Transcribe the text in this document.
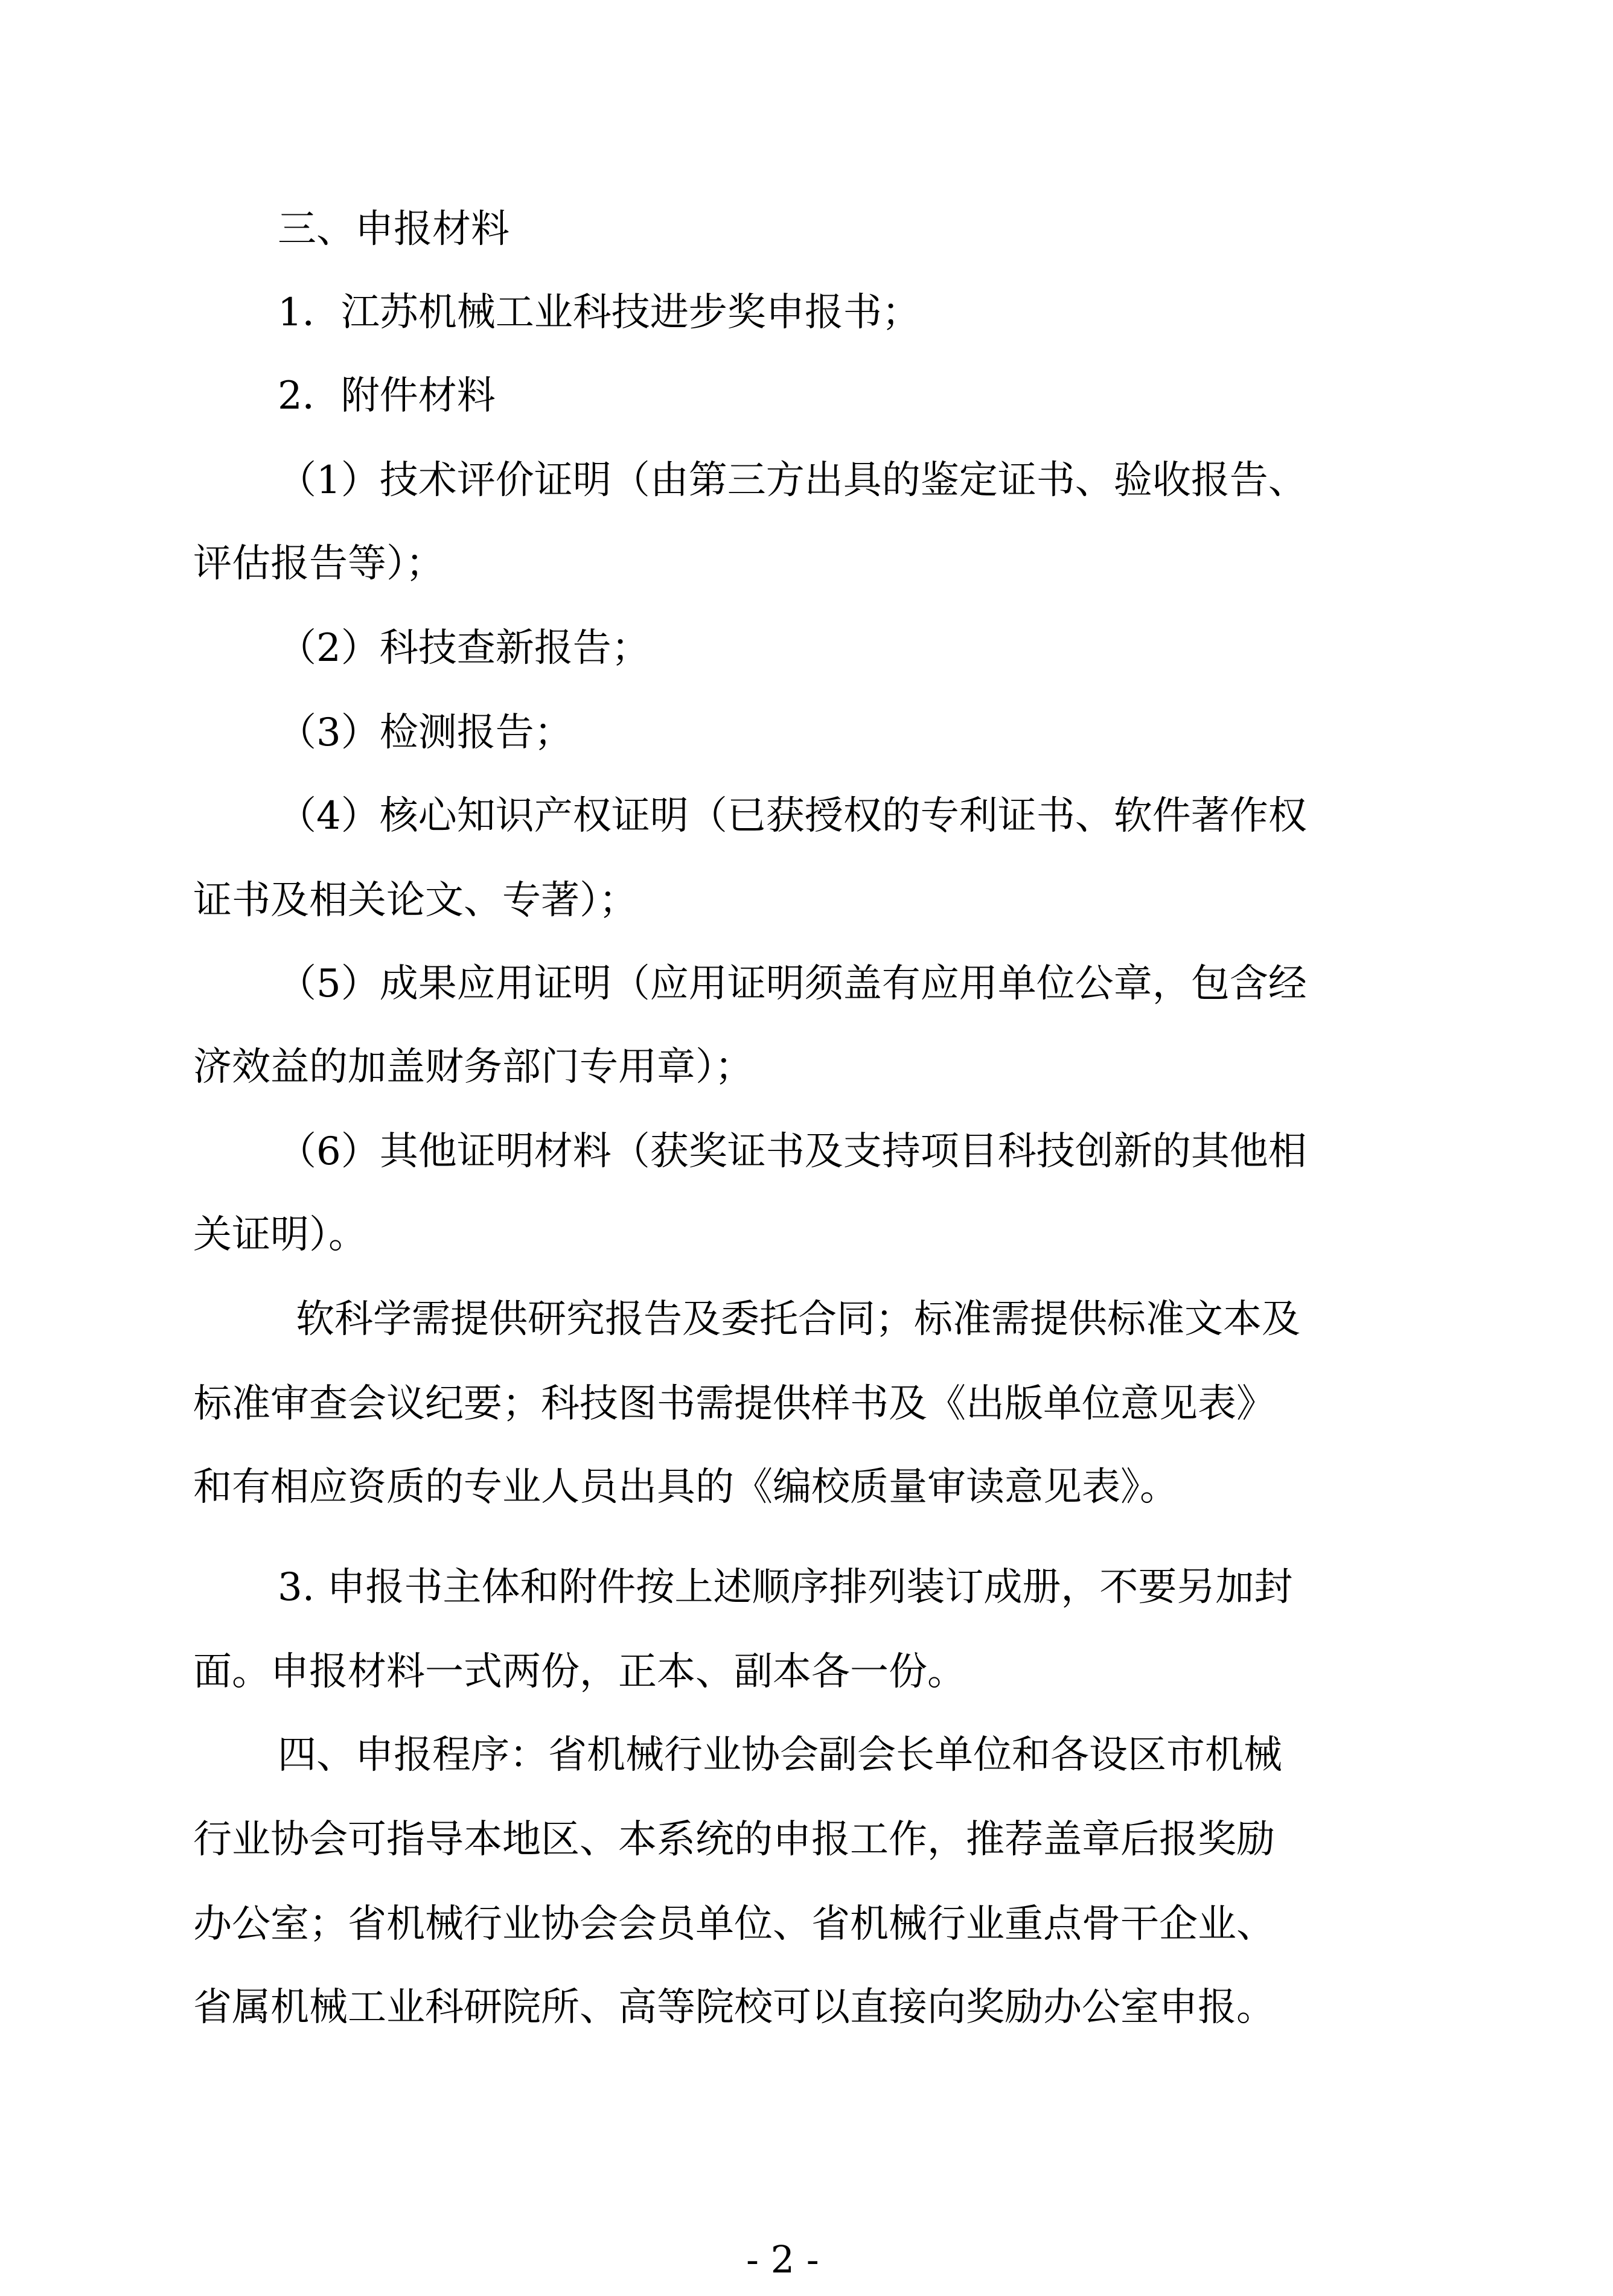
三、申报材料
1．江苏机械工业科技进步奖申报书；
2．附件材料
（1）技术评价证明（由第三方出具的鉴定证书、验收报告、
评估报告等）；
（2）科技查新报告；
（3）检测报告；
（4）核心知识产权证明（已获授权的专利证书、软件著作权
证书及相关论文、专著）；
（5）成果应用证明（应用证明须盖有应用单位公章，包含经
济效益的加盖财务部门专用章）；
（6）其他证明材料（获奖证书及支持项目科技创新的其他相
关证明）。
软科学需提供研究报告及委托合同；标准需提供标准文本及
标准审查会议纪要；科技图书需提供样书及《出版单位意见表》
和有相应资质的专业人员出具的《编校质量审读意见表》。
3. 申报书主体和附件按上述顺序排列装订成册，不要另加封
面。申报材料一式两份，正本、副本各一份。
四、申报程序：省机械行业协会副会长单位和各设区市机械
行业协会可指导本地区、本系统的申报工作，推荐盖章后报奖励
办公室；省机械行业协会会员单位、省机械行业重点骨干企业、
省属机械工业科研院所、高等院校可以直接向奖励办公室申报。
- 2 -
